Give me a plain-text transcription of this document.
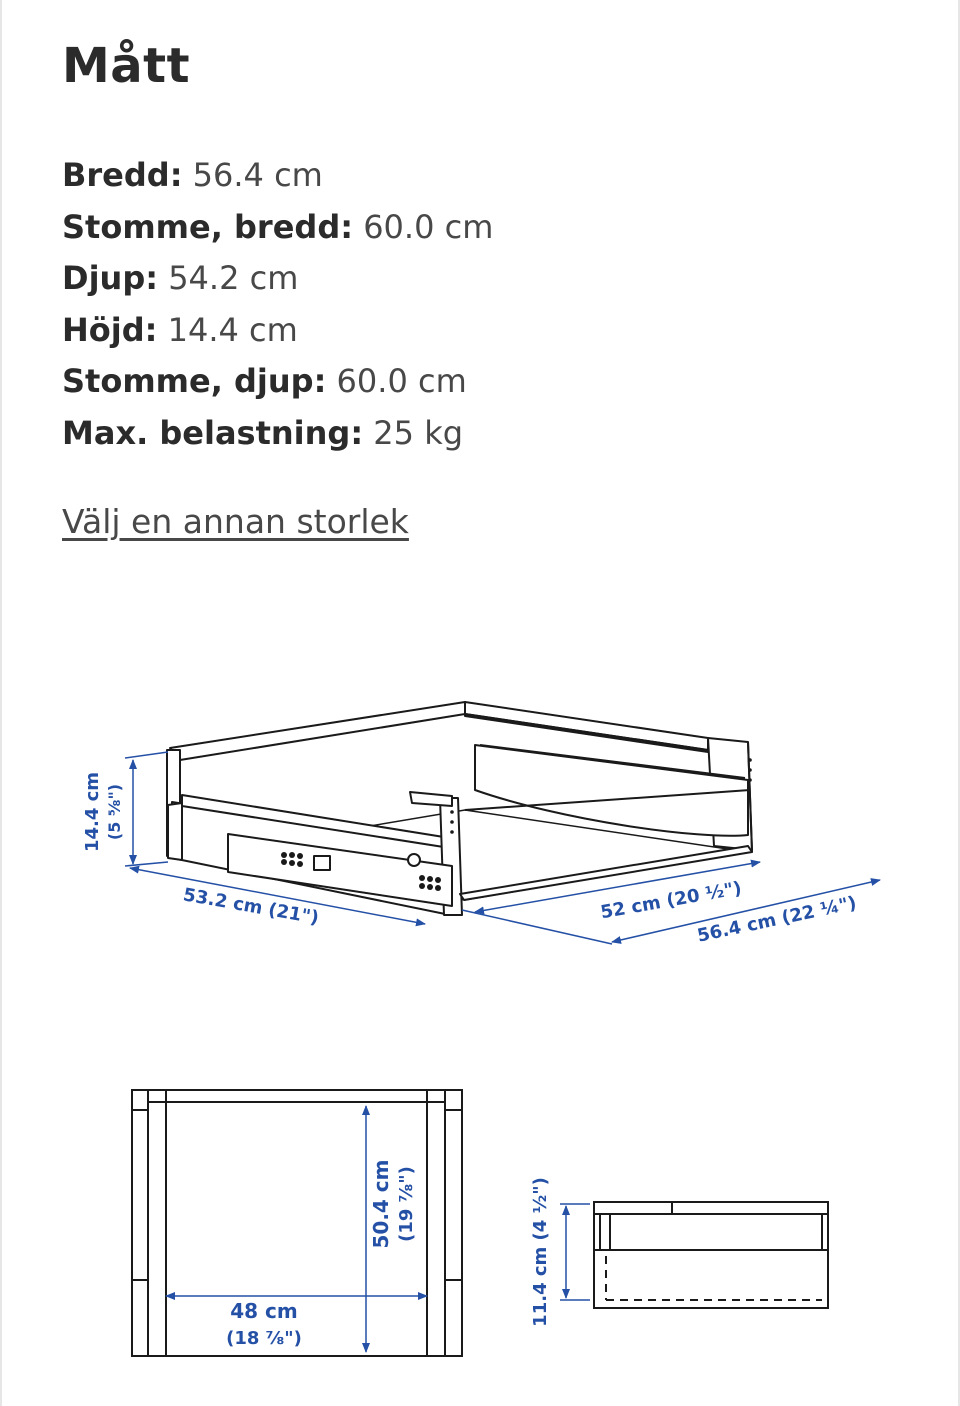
Mått
Bredd: 56.4 cm
Stomme, bredd: 60.0 cm
Djup: 54.2 cm
Höjd: 14.4 cm
Stomme, djup: 60.0 cm
Max. belastning: 25 kg
Välj en annan storlek
14.4 cm (5 ⅝")
53.2 cm (21")	52 cm (20 ½")
56.4 cm (22 ¼")
50.4 cm (19 ⅞")
48 cm
(18 ⅞")
11.4 cm (4 ½")
